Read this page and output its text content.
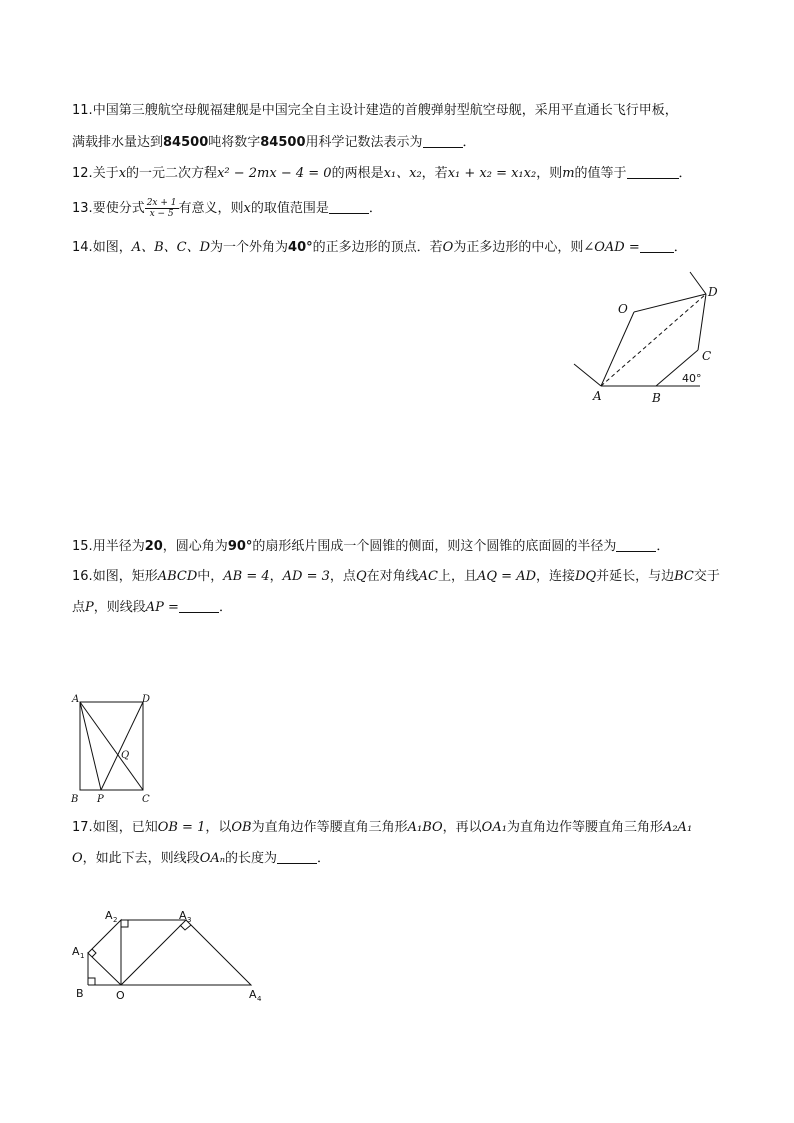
11.中国第三艘航空母舰福建舰是中国完全自主设计建造的首艘弹射型航空母舰，采用平直通长飞行甲板，
满载排水量达到84500吨将数字84500用科学记数法表示为	．
12.关于x的一元二次方程x² − 2mx − 4 = 0的两根是x₁、x₂，若x₁ + x₂ = x₁x₂，则m的值等于	．
13.要使分式 $\frac{2x + 1}{x - 5}$ 有意义，则x的取值范围是	．
14.如图，A、B、C、D为一个外角为40°的正多边形的顶点．若O为正多边形的中心，则∠OAD =	．
O
D
C
A	B
40°
15.用半径为20，圆心角为90°的扇形纸片围成一个圆锥的侧面，则这个圆锥的底面圆的半径为	．
16.如图，矩形ABCD中，AB = 4，AD = 3，点Q在对角线AC上，且AQ = AD，连接DQ并延长，与边BC交于
点P，则线段AP =	．
A	D
Q
B P	C
17.如图，已知OB = 1，以OB为直角边作等腰直角三角形A₁BO，再以OA₁为直角边作等腰直角三角形A₂A₁
O，如此下去，则线段OAₙ的长度为	．
A 1
A 2	A 3
A 4
B	O
